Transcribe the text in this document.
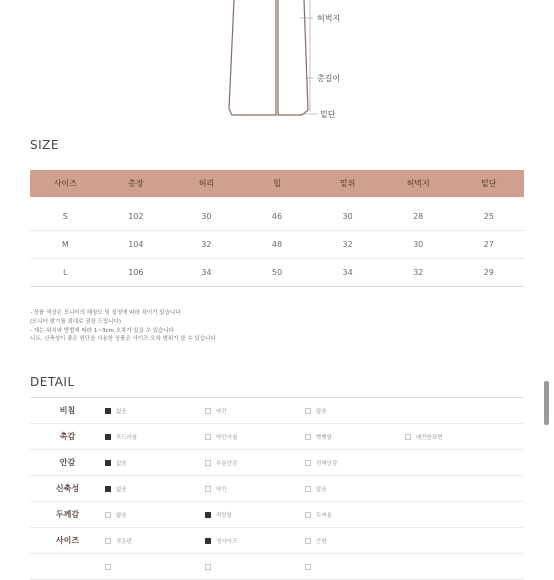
허벅지
총길이
밑단
SIZE
사이즈	총장	허리	힙	밑위	허벅지	밑단
S	102	30	46	30	28	25
M	104	32	48	32	30	27
L	106	34	50	34	32	29
- 상품 색상은 모니터의 해상도 및 설정에 따라 차이가 있습니다
(모니터 밝기를 최대로 권장 드립니다)
- 재는 위치와 방법에 따라 1~3cm 오차가 있을 수 있습니다
니트, 신축성이 좋은 원단을 사용한 상품은 사이즈 오차 범위가 클 수 있습니다
DETAIL
비침	없음	약간	많음
촉감	부드러움	약간거침	뻣뻣함	매끈한표면
안감	없음	부분안감	전체안감
신축성	없음	약간	많음
두께감	얇음	적당함	두꺼움
사이즈	작은편	정사이즈	큰편
